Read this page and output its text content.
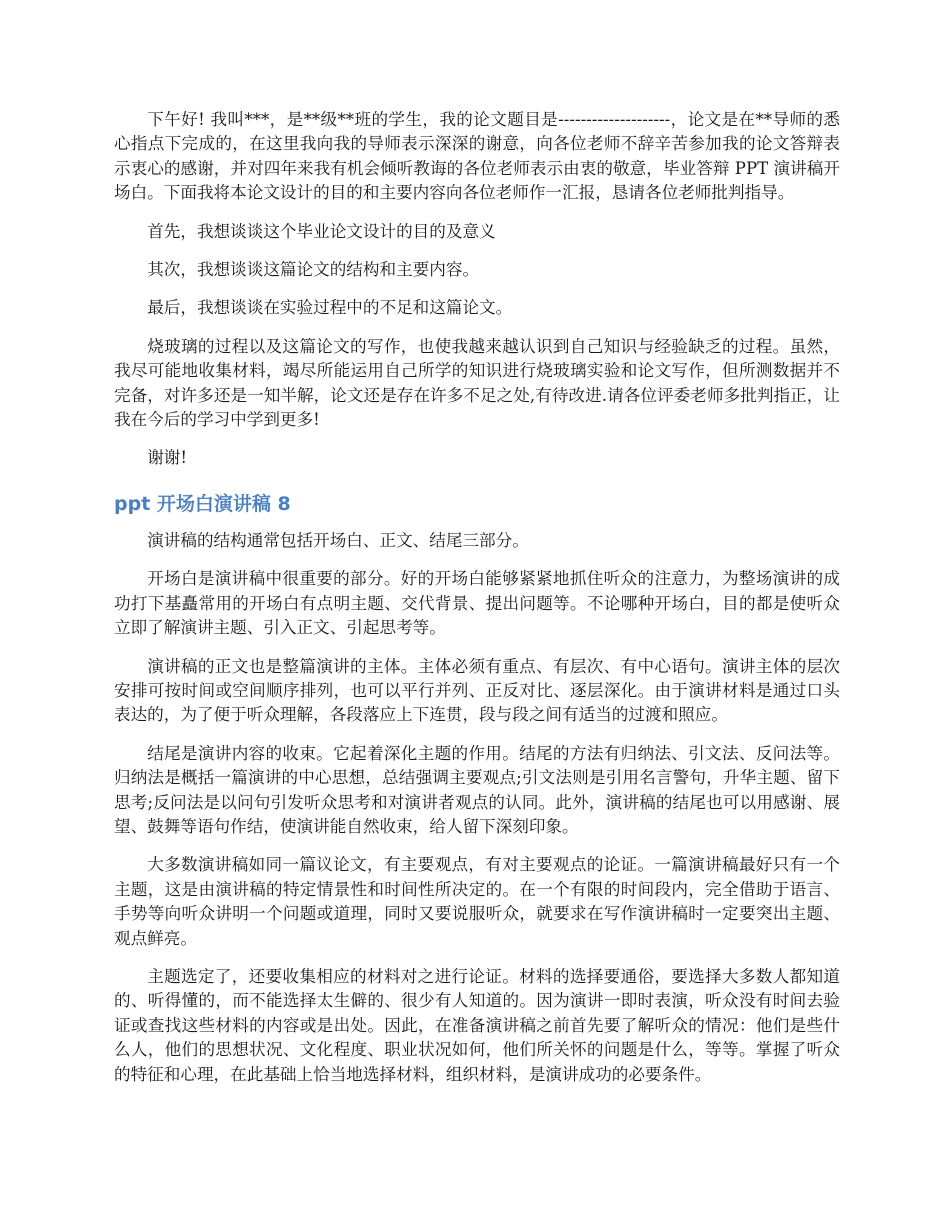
下午好! 我叫***，是**级**班的学生，我的论文题目是--------------------，论文是在**导师的悉心指点下完成的，在这里我向我的导师表示深深的谢意，向各位老师不辞辛苦参加我的论文答辩表示衷心的感谢，并对四年来我有机会倾听教诲的各位老师表示由衷的敬意，毕业答辩 PPT 演讲稿开场白。下面我将本论文设计的目的和主要内容向各位老师作一汇报，恳请各位老师批判指导。

首先，我想谈谈这个毕业论文设计的目的及意义

其次，我想谈谈这篇论文的结构和主要内容。

最后，我想谈谈在实验过程中的不足和这篇论文。

烧玻璃的过程以及这篇论文的写作，也使我越来越认识到自己知识与经验缺乏的过程。虽然，我尽可能地收集材料，竭尽所能运用自己所学的知识进行烧玻璃实验和论文写作，但所测数据并不完备，对许多还是一知半解，论文还是存在许多不足之处,有待改进.请各位评委老师多批判指正，让我在今后的学习中学到更多!

谢谢!

ppt 开场白演讲稿 8

演讲稿的结构通常包括开场白、正文、结尾三部分。

开场白是演讲稿中很重要的部分。好的开场白能够紧紧地抓住听众的注意力，为整场演讲的成功打下基矗常用的开场白有点明主题、交代背景、提出问题等。不论哪种开场白，目的都是使听众立即了解演讲主题、引入正文、引起思考等。

演讲稿的正文也是整篇演讲的主体。主体必须有重点、有层次、有中心语句。演讲主体的层次安排可按时间或空间顺序排列，也可以平行并列、正反对比、逐层深化。由于演讲材料是通过口头表达的，为了便于听众理解，各段落应上下连贯，段与段之间有适当的过渡和照应。

结尾是演讲内容的收束。它起着深化主题的作用。结尾的方法有归纳法、引文法、反问法等。归纳法是概括一篇演讲的中心思想，总结强调主要观点;引文法则是引用名言警句，升华主题、留下思考;反问法是以问句引发听众思考和对演讲者观点的认同。此外，演讲稿的结尾也可以用感谢、展望、鼓舞等语句作结，使演讲能自然收束，给人留下深刻印象。

大多数演讲稿如同一篇议论文，有主要观点，有对主要观点的论证。一篇演讲稿最好只有一个主题，这是由演讲稿的特定情景性和时间性所决定的。在一个有限的时间段内，完全借助于语言、手势等向听众讲明一个问题或道理，同时又要说服听众，就要求在写作演讲稿时一定要突出主题、观点鲜亮。

主题选定了，还要收集相应的材料对之进行论证。材料的选择要通俗，要选择大多数人都知道的、听得懂的，而不能选择太生僻的、很少有人知道的。因为演讲一即时表演，听众没有时间去验证或查找这些材料的内容或是出处。因此，在准备演讲稿之前首先要了解听众的情况：他们是些什么人，他们的思想状况、文化程度、职业状况如何，他们所关怀的问题是什么，等等。掌握了听众的特征和心理，在此基础上恰当地选择材料，组织材料，是演讲成功的必要条件。
